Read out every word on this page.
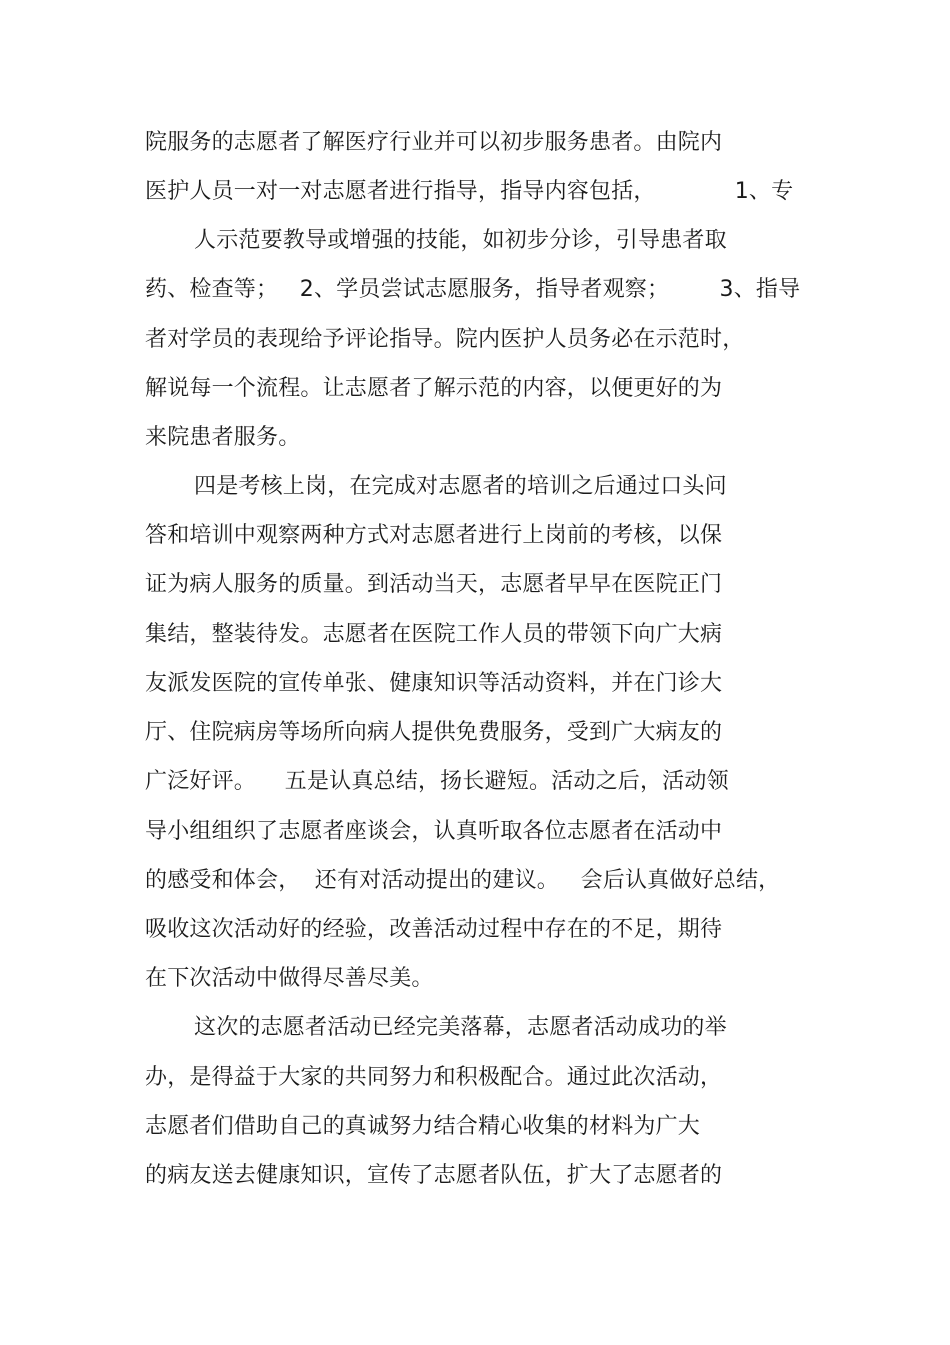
院服务的志愿者了解医疗行业并可以初步服务患者。由院内
医护人员一对一对志愿者进行指导，指导内容包括，           1、专
人示范要教导或增强的技能，如初步分诊，引导患者取
药、检查等；   2、学员尝试志愿服务，指导者观察；       3、指导
者对学员的表现给予评论指导。院内医护人员务必在示范时，
解说每一个流程。让志愿者了解示范的内容，以便更好的为
来院患者服务。
四是考核上岗，在完成对志愿者的培训之后通过口头问
答和培训中观察两种方式对志愿者进行上岗前的考核，以保
证为病人服务的质量。到活动当天，志愿者早早在医院正门
集结，整装待发。志愿者在医院工作人员的带领下向广大病
友派发医院的宣传单张、健康知识等活动资料，并在门诊大
厅、住院病房等场所向病人提供免费服务，受到广大病友的
广泛好评。    五是认真总结，扬长避短。活动之后，活动领
导小组组织了志愿者座谈会，认真听取各位志愿者在活动中
的感受和体会，  还有对活动提出的建议。   会后认真做好总结，
吸收这次活动好的经验，改善活动过程中存在的不足，期待
在下次活动中做得尽善尽美。
这次的志愿者活动已经完美落幕，志愿者活动成功的举
办，是得益于大家的共同努力和积极配合。通过此次活动，
志愿者们借助自己的真诚努力结合精心收集的材料为广大
的病友送去健康知识，宣传了志愿者队伍，扩大了志愿者的
